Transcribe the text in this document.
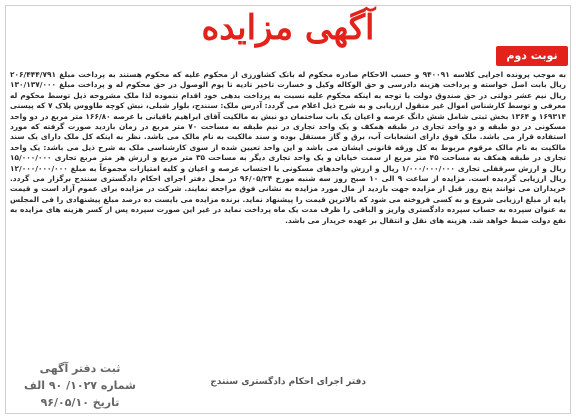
آگهی مزایده
نوبت دوم
به موجب پرونده اجرایی کلاسه ۹۴۰۰۹۱ و حسب الاحکام صادره محکوم له بانک کشاورزی از محکوم علیه که محکوم هستند به پرداخت مبلغ ۲۰۶/۴۴۴/۷۹۱ ریال بابت اصل خواسته و پرداخت هزینه دادرسی و حق الوکاله وکیل و خسارت تاخیر تادیه تا یوم الوصول در حق محکوم له و پرداخت مبلغ ۱۳۰/۱۳۷/۰۰۰ ریال نیم عشر دولتی در حق صندوق دولت با توجه به اینکه محکوم علیه نسبت به پرداخت بدهی خود اقدام ننموده لذا ملک مشروحه ذیل توسط محکوم له معرفی و توسط کارشناس اموال غیر منقول ارزیابی و به شرح ذیل اعلام می گردد: آدرس ملک: سنندج، بلوار شبلی، نبش کوچه طاووس پلاک ۷ که پیسنی ۱۶۹۳۱۴ و ۱۳۶۴ بخش ثبتی شامل شش دانگ عرصه و اعیان یک باب ساختمان دو نبش به مالکیت آقای ابراهیم باقیانی با عرصه ۱۶۶/۸۰ متر مربع در دو واحد مسکونی در دو طبقه و دو واحد تجاری در طبقه همکف و یک واحد تجاری در نیم طبقه به مساحت ۷۰ متر مربع در زمان بازدید صورت گرفته که مورد استفاده قرار می باشد. ملک فوق دارای انشعابات آب، برق و گاز مستقل بوده و سند مالکیت به نام مالک می باشد. نظر به اینکه کل ملک دارای یک سند مالکیت به نام مالک مرقوم مربوط به کل ورقه قانونی ایشان می باشد و این واحد تعیین شده از سوی کارشناسی ملک به شرح ذیل می باشد: یک واحد تجاری در طبقه همکف به مساحت ۴۵ متر مربع از سمت خیابان و یک واحد تجاری دیگر به مساحت ۳۵ متر مربع و ارزش هر متر مربع تجاری ۱۵/۰۰۰/۰۰۰ ریال و ارزش سرقفلی تجاری ۱/۰۰۰/۰۰۰/۰۰۰ ریال و ارزش واحدهای مسکونی با احتساب عرصه و اعیان و کلیه امتیازات مجموعاً به مبلغ ۱۲/۰۰۰/۰۰۰/۰۰۰ ریال ارزیابی گردیده است. مزایده از ساعت ۹ الی ۱۰ صبح روز سه شنبه مورخ ۹۶/۰۵/۲۴ در محل دفتر اجرای احکام دادگستری سنندج برگزار می گردد. خریداران می توانند پنج روز قبل از مزایده جهت بازدید از مال مورد مزایده به نشانی فوق مراجعه نمایند. شرکت در مزایده برای عموم آزاد است و قیمت پایه از مبلغ ارزیابی شروع و به کسی فروخته می شود که بالاترین قیمت را پیشنهاد نماید. برنده مزایده می بایست ده درصد مبلغ پیشنهادی را فی المجلس به عنوان سپرده به حساب سپرده دادگستری واریز و الباقی را ظرف مدت یک ماه پرداخت نماید در غیر این صورت سپرده پس از کسر هزینه های مزایده به نفع دولت ضبط خواهد شد. هزینه های نقل و انتقال بر عهده خریدار می باشد.
دفتر اجرای احکام دادگستری سنندج
ثبت دفتر آگهی
شماره ۱۰۲۷/ ۹۰ الف
تاریخ ۹۶/۰۵/۱۰
